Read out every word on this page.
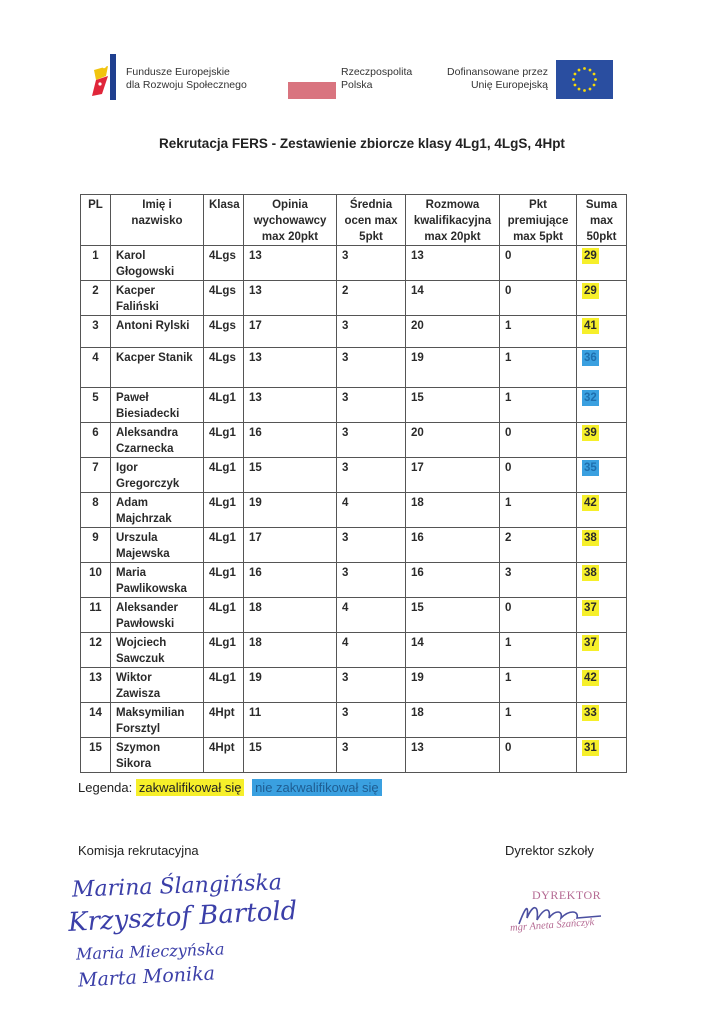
Fundusze Europejskie
dla Rozwoju Społecznego
Rzeczpospolita
Polska
Dofinansowane przez
Unię Europejską
Rekrutacja FERS - Zestawienie zbiorcze klasy 4Lg1, 4LgS, 4Hpt
PL	Imię i nazwisko	Klasa	Opinia wychowawcy max 20pkt	Średnia ocen max 5pkt	Rozmowa kwalifikacyjna max 20pkt	Pkt premiujące max 5pkt	Suma max 50pkt
1	Karol Głogowski	4Lgs	13	3	13	0	29
2	Kacper Faliński	4Lgs	13	2	14	0	29
3	Antoni Rylski	4Lgs	17	3	20	1	41
4	Kacper Stanik	4Lgs	13	3	19	1	36
5	Paweł Biesiadecki	4Lg1	13	3	15	1	32
6	Aleksandra Czarnecka	4Lg1	16	3	20	0	39
7	Igor Gregorczyk	4Lg1	15	3	17	0	35
8	Adam Majchrzak	4Lg1	19	4	18	1	42
9	Urszula Majewska	4Lg1	17	3	16	2	38
10	Maria Pawlikowska	4Lg1	16	3	16	3	38
11	Aleksander Pawłowski	4Lg1	18	4	15	0	37
12	Wojciech Sawczuk	4Lg1	18	4	14	1	37
13	Wiktor Zawisza	4Lg1	19	3	19	1	42
14	Maksymilian Forsztyl	4Hpt	11	3	18	1	33
15	Szymon Sikora	4Hpt	15	3	13	0	31
Legenda: zakwalifikował się nie zakwalifikował się
Komisja rekrutacyjna	Dyrektor szkoły
Marina Ślangińska
Krzysztof Bartold
Maria Mieczyńska
Marta Monika
DYREKTOR
mgr Aneta Szańczyk
